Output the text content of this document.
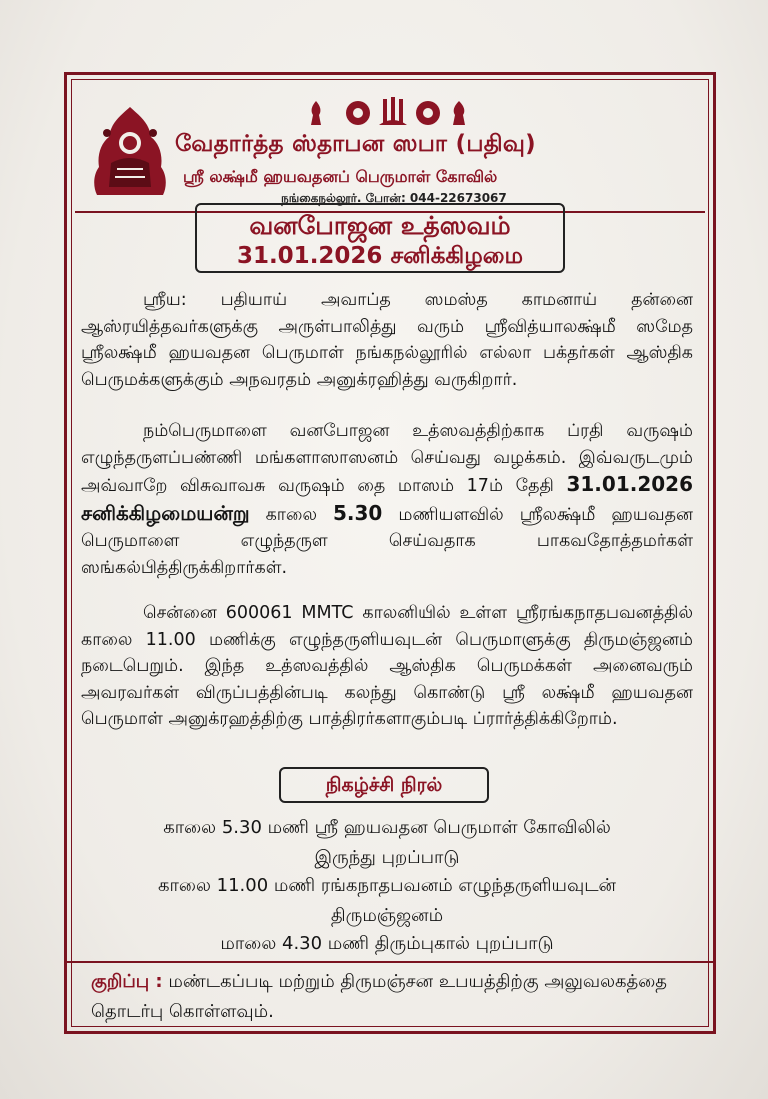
வேதார்த்த ஸ்தாபன ஸபா (பதிவு)
ஸ்ரீ லக்ஷ்மீ ஹயவதனப் பெருமாள் கோவில்
நங்கைநல்லூர். போன்: 044-22673067
வனபோஜன உத்ஸவம்
31.01.2026 சனிக்கிழமை
ஸ்ரீய: பதியாய் அவாப்த ஸமஸ்த காமனாய் தன்னை ஆஸ்ரயித்தவர்களுக்கு அருள்பாலித்து வரும் ஸ்ரீவித்யாலக்ஷ்மீ ஸமேத ஸ்ரீலக்ஷ்மீ ஹயவதன பெருமாள் நங்கநல்லூரில் எல்லா பக்தர்கள் ஆஸ்திக பெருமக்களுக்கும் அநவரதம் அனுக்ரஹித்து வருகிறார்.
நம்பெருமாளை வனபோஜன உத்ஸவத்திற்காக ப்ரதி வருஷம் எழுந்தருளப்பண்ணி மங்களாஸாஸனம் செய்வது வழக்கம். இவ்வருடமும் அவ்வாறே விசுவாவசு வருஷம் தை மாஸம் 17ம் தேதி 31.01.2026 சனிக்கிழமையன்று காலை 5.30 மணியளவில் ஸ்ரீலக்ஷ்மீ ஹயவதன பெருமாளை எழுந்தருள செய்வதாக பாகவதோத்தமர்கள் ஸங்கல்பித்திருக்கிறார்கள்.
சென்னை 600061 MMTC காலனியில் உள்ள ஸ்ரீரங்கநாதபவனத்தில் காலை 11.00 மணிக்கு எழுந்தருளியவுடன் பெருமாளுக்கு திருமஞ்ஜனம் நடைபெறும். இந்த உத்ஸவத்தில் ஆஸ்திக பெருமக்கள் அனைவரும் அவரவர்கள் விருப்பத்தின்படி கலந்து கொண்டு ஸ்ரீ லக்ஷ்மீ ஹயவதன பெருமாள் அனுக்ரஹத்திற்கு பாத்திரர்களாகும்படி ப்ரார்த்திக்கிறோம்.
நிகழ்ச்சி நிரல்
காலை 5.30 மணி ஸ்ரீ ஹயவதன பெருமாள் கோவிலில்
இருந்து புறப்பாடு
காலை 11.00 மணி ரங்கநாதபவனம் எழுந்தருளியவுடன்
திருமஞ்ஜனம்
மாலை 4.30 மணி திரும்புகால் புறப்பாடு
குறிப்பு : மண்டகப்படி மற்றும் திருமஞ்சன உபயத்திற்கு அலுவலகத்தை தொடர்பு கொள்ளவும்.
